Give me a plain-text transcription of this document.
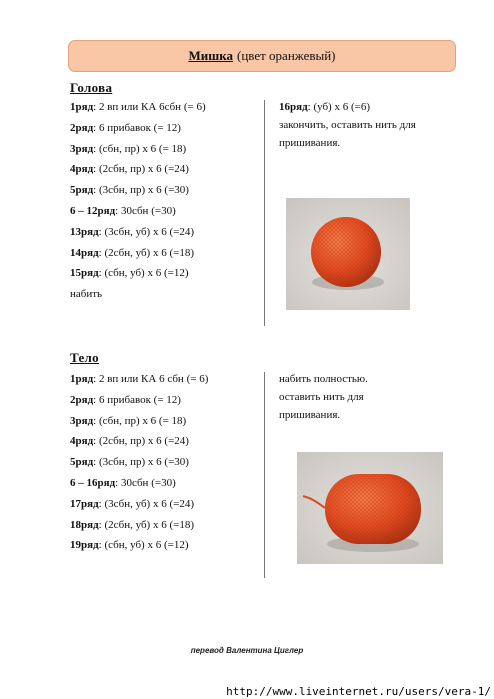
Мишка (цвет оранжевый)
Голова
1ряд: 2 вп или КА 6сбн (= 6)
2ряд: 6 прибавок (= 12)
3ряд: (сбн, пр) х 6 (= 18)
4ряд: (2сбн, пр) х 6 (=24)
5ряд: (3сбн, пр) х 6 (=30)
6 – 12ряд: 30сбн (=30)
13ряд: (3сбн, уб) х 6 (=24)
14ряд: (2сбн, уб) х 6 (=18)
15ряд: (сбн, уб) х 6 (=12)
набить
16ряд: (уб) х 6 (=6)
закончить, оставить нить для
пришивания.
Тело
1ряд: 2 вп или КА 6 сбн (= 6)
2ряд: 6 прибавок (= 12)
3ряд: (сбн, пр) х 6 (= 18)
4ряд: (2сбн, пр) х 6 (=24)
5ряд: (3сбн, пр) х 6 (=30)
6 – 16ряд: 30сбн (=30)
17ряд: (3сбн, уб) х 6 (=24)
18ряд: (2сбн, уб) х 6 (=18)
19ряд: (сбн, уб) х 6 (=12)
набить полностью.
оставить нить для
пришивания.
перевод Валентина Циглер
http://www.liveinternet.ru/users/vera-1/
